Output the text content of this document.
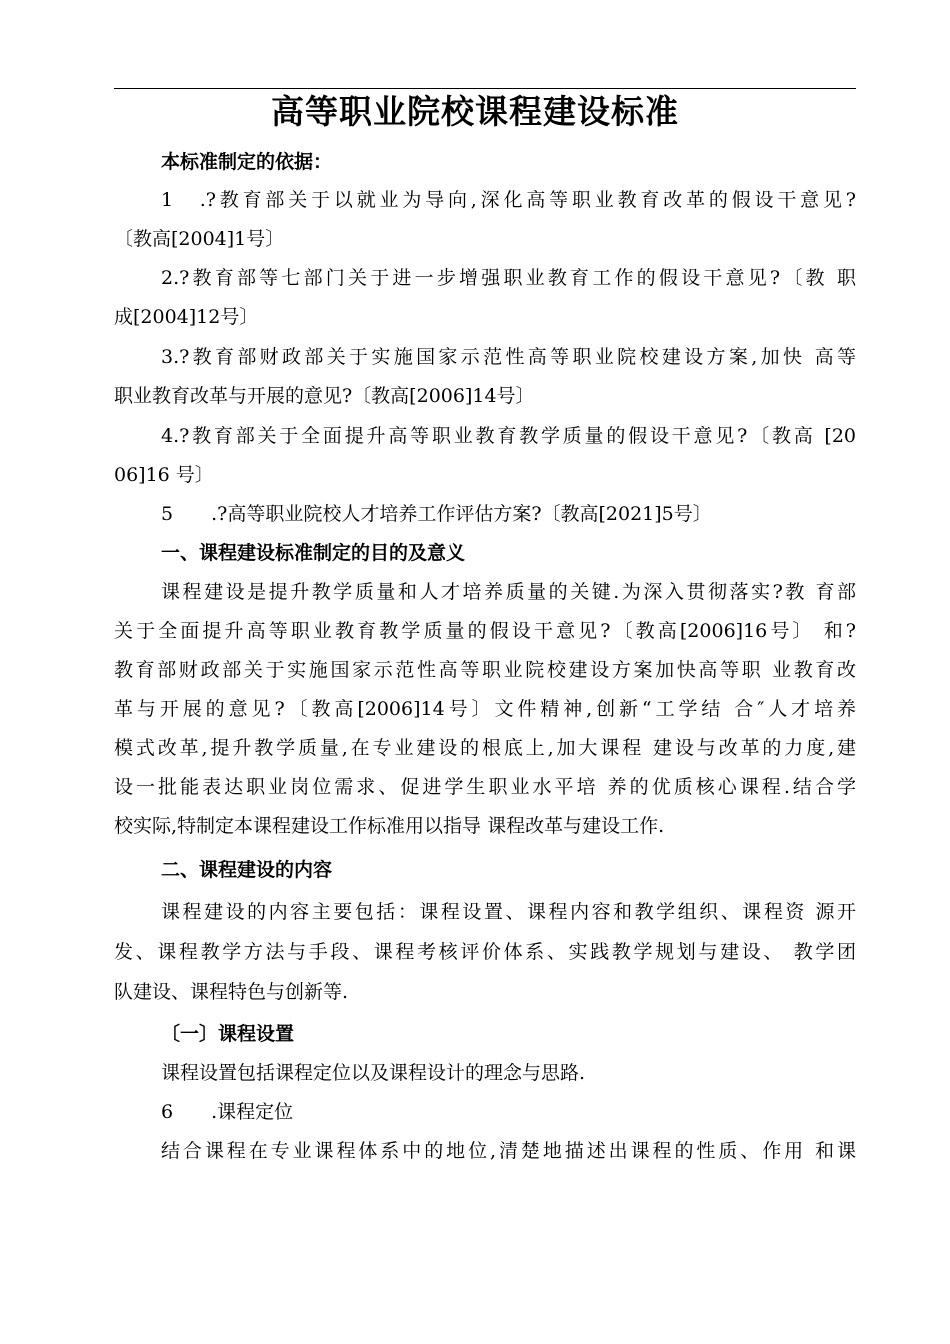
高等职业院校课程建设标准
本标准制定的依据：
1　.?教育部关于以就业为导向,深化高等职业教育改革的假设干意见?
〔教高[2004]1号〕
2.?教育部等七部门关于进一步增强职业教育工作的假设干意见?〔教 职
成[2004]12号〕
3.?教育部财政部关于实施国家示范性高等职业院校建设方案,加快 高等
职业教育改革与开展的意见?〔教高[2006]14号〕
4.?教育部关于全面提升高等职业教育教学质量的假设干意见?〔教高 [20
06]16 号〕
5　　.?高等职业院校人才培养工作评估方案?〔教高[2021]5号〕
一、课程建设标准制定的目的及意义
课程建设是提升教学质量和人才培养质量的关键.为深入贯彻落实?教 育部
关于全面提升高等职业教育教学质量的假设干意见?〔教高[2006]16号〕 和?
教育部财政部关于实施国家示范性高等职业院校建设方案加快高等职 业教育改
革与开展的意见?〔教高[2006]14号〕文件精神,创新“工学结 合″人才培养
模式改革,提升教学质量,在专业建设的根底上,加大课程 建设与改革的力度,建
设一批能表达职业岗位需求、促进学生职业水平培 养的优质核心课程.结合学
校实际,特制定本课程建设工作标准用以指导 课程改革与建设工作.
二、课程建设的内容
课程建设的内容主要包括：课程设置、课程内容和教学组织、课程资 源开
发、课程教学方法与手段、课程考核评价体系、实践教学规划与建设、 教学团
队建设、课程特色与创新等.
〔一〕课程设置
课程设置包括课程定位以及课程设计的理念与思路.
6　　.课程定位
结合课程在专业课程体系中的地位,清楚地描述出课程的性质、作用 和课
